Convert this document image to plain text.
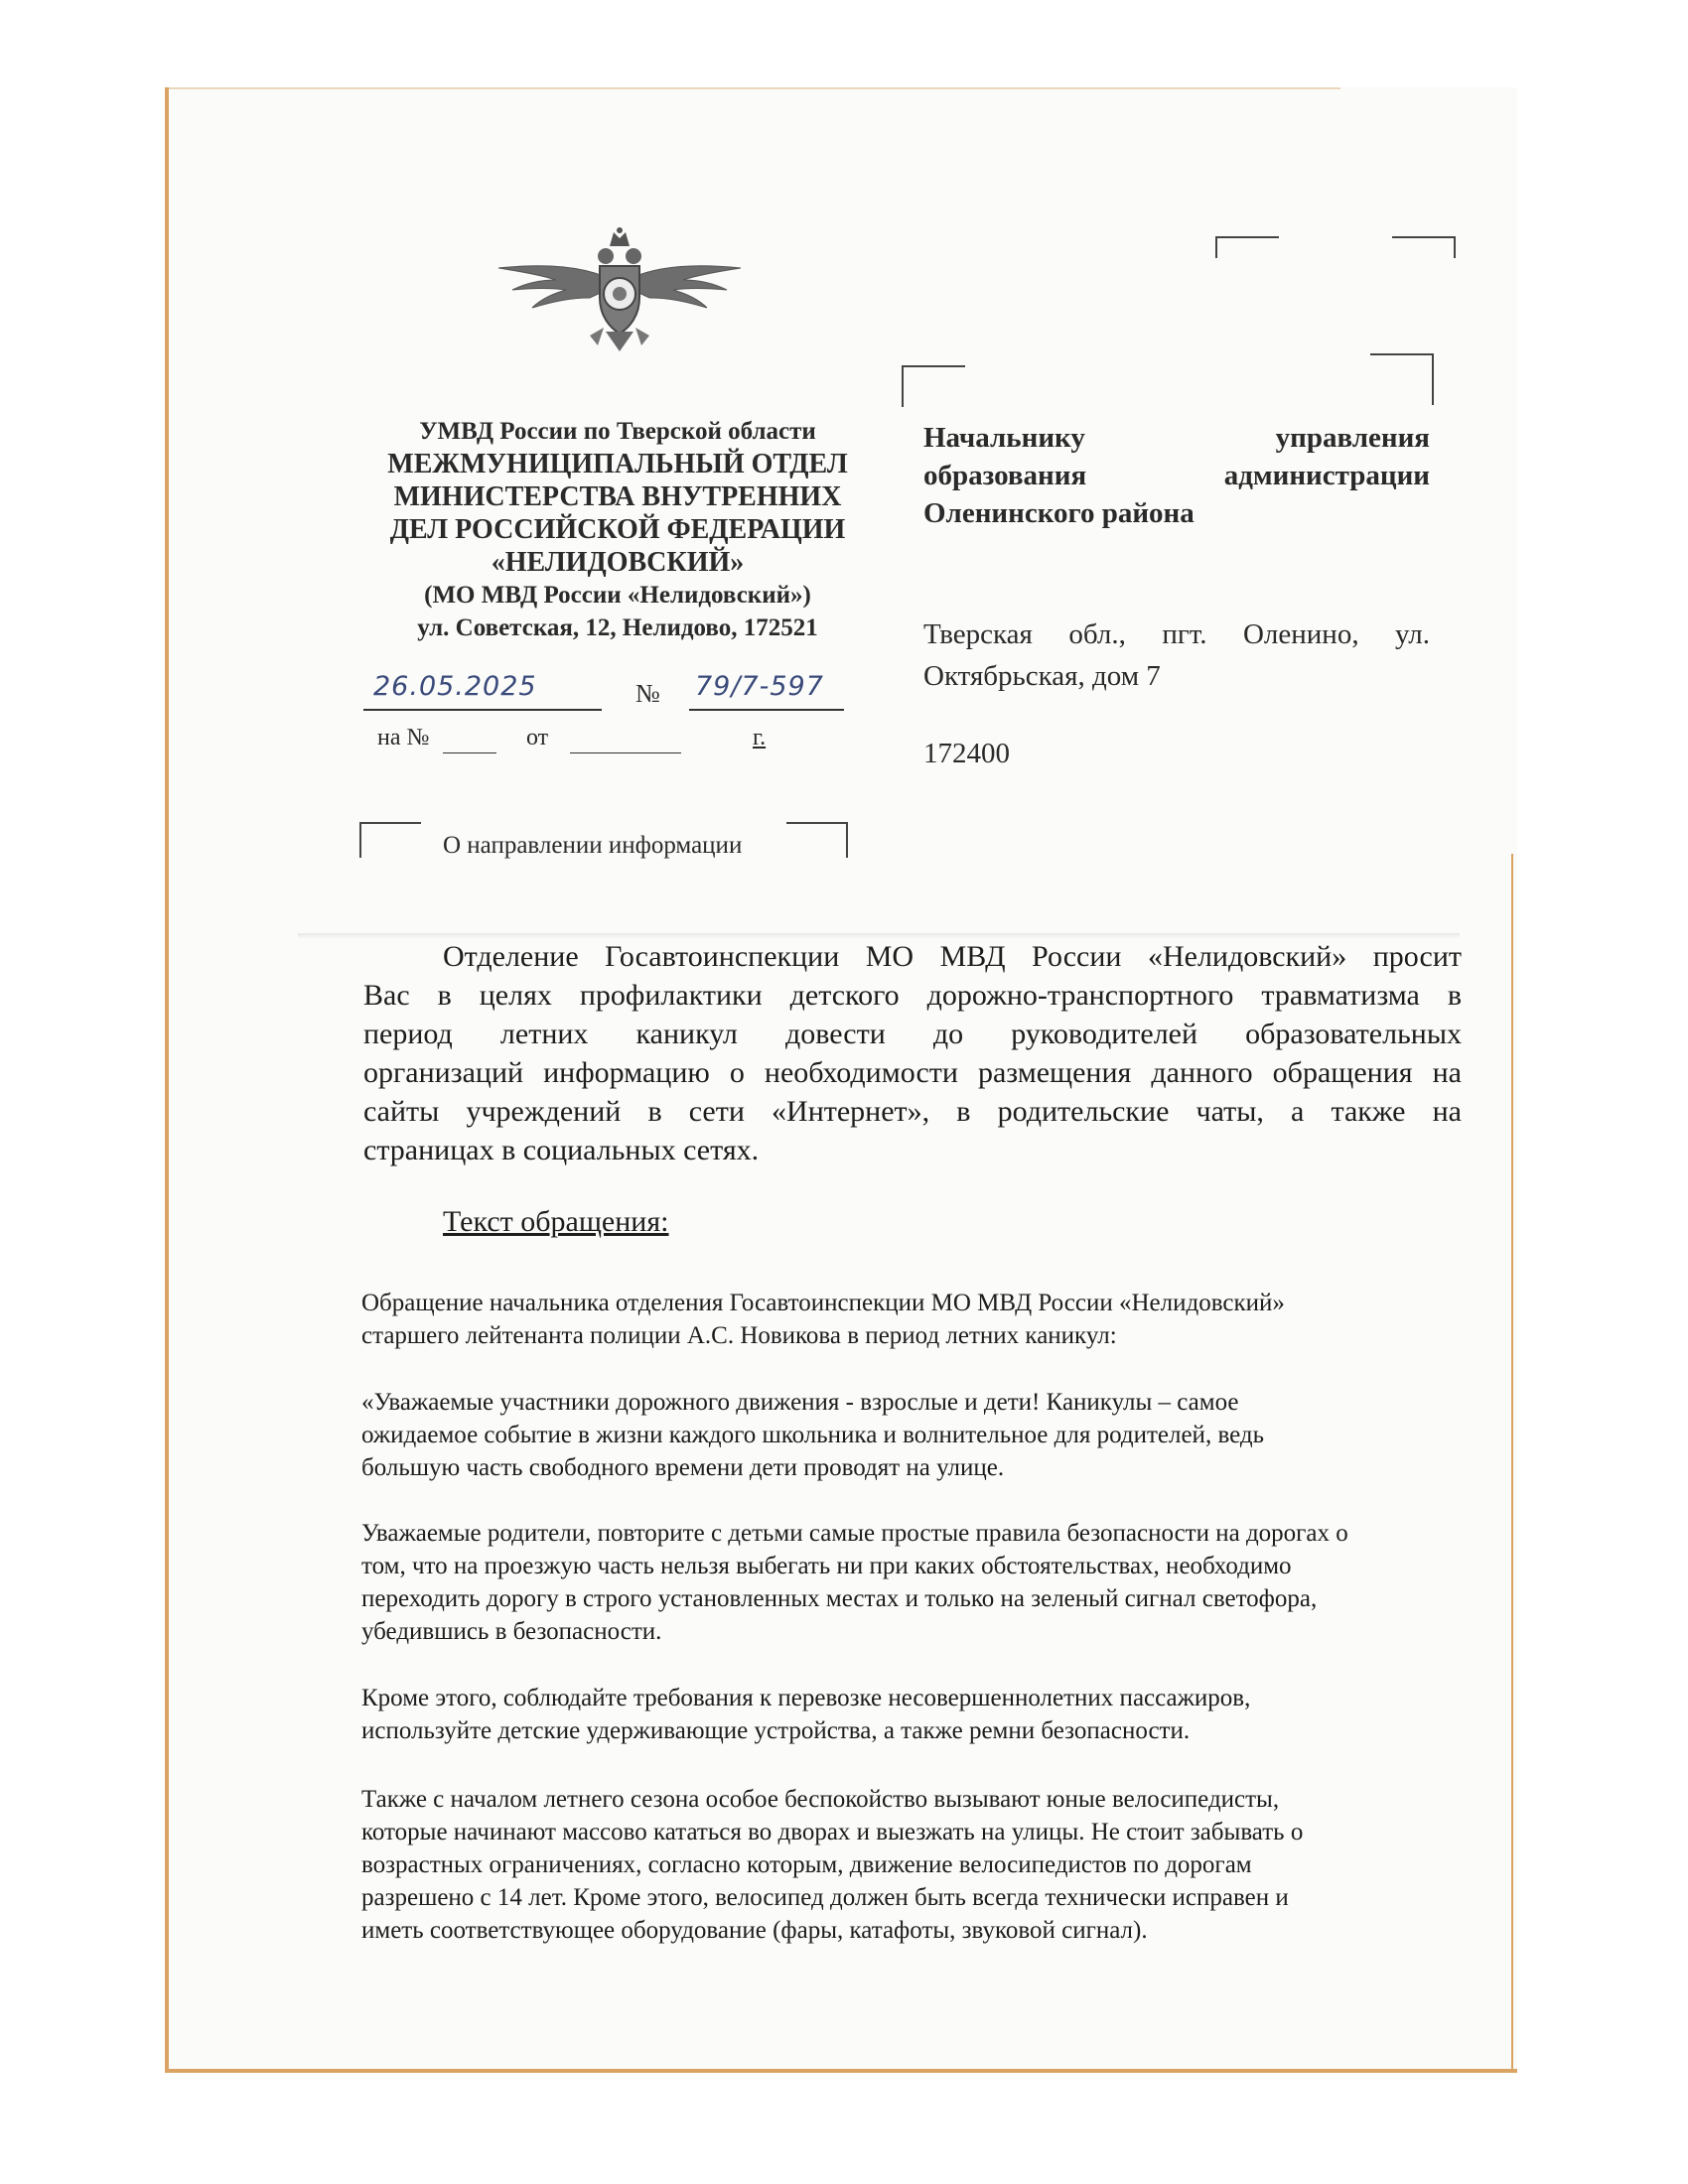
УМВД России по Тверской области
МЕЖМУНИЦИПАЛЬНЫЙ ОТДЕЛ
МИНИСТЕРСТВА ВНУТРЕННИХ
ДЕЛ РОССИЙСКОЙ ФЕДЕРАЦИИ
«НЕЛИДОВСКИЙ»
(МО МВД России «Нелидовский»)
ул. Советская, 12, Нелидово, 172521
26.05.2025	№ 79/7-597
на №	от	г.
О направлении информации
Начальнику	управления
образования	администрации
Оленинского района
Тверская обл., пгт. Оленино, ул.
Октябрьская, дом 7
172400
Отделение Госавтоинспекции МО МВД России «Нелидовский» просит
Вас в целях профилактики детского дорожно-транспортного травматизма в
период летних каникул довести до руководителей образовательных
организаций информацию о необходимости размещения данного обращения на
сайты учреждений в сети «Интернет», в родительские чаты, а также на
страницах в социальных сетях.
Текст обращения:
Обращение начальника отделения Госавтоинспекции МО МВД России «Нелидовский»
старшего лейтенанта полиции А.С. Новикова в период летних каникул:
«Уважаемые участники дорожного движения - взрослые и дети! Каникулы – самое
ожидаемое событие в жизни каждого школьника и волнительное для родителей, ведь
большую часть свободного времени дети проводят на улице.
Уважаемые родители, повторите с детьми самые простые правила безопасности на дорогах о
том, что на проезжую часть нельзя выбегать ни при каких обстоятельствах, необходимо
переходить дорогу в строго установленных местах и только на зеленый сигнал светофора,
убедившись в безопасности.
Кроме этого, соблюдайте требования к перевозке несовершеннолетних пассажиров,
используйте детские удерживающие устройства, а также ремни безопасности.
Также с началом летнего сезона особое беспокойство вызывают юные велосипедисты,
которые начинают массово кататься во дворах и выезжать на улицы. Не стоит забывать о
возрастных ограничениях, согласно которым, движение велосипедистов по дорогам
разрешено с 14 лет. Кроме этого, велосипед должен быть всегда технически исправен и
иметь соответствующее оборудование (фары, катафоты, звуковой сигнал).
